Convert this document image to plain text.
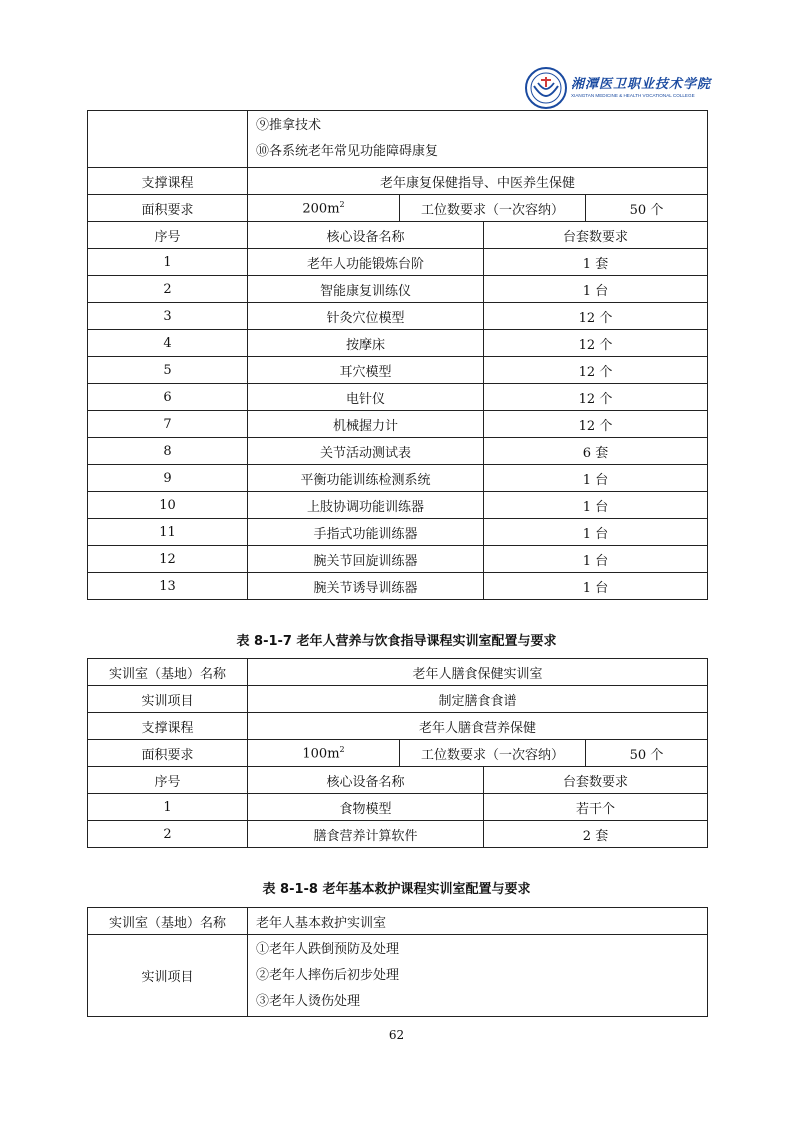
湘潭医卫职业技术学院
XIANGTAN MEDICINE & HEALTH VOCATIONAL COLLEGE

	⑨推拿技术
⑩各系统老年常见功能障碍康复			

支撑课程	老年康复保健指导、中医养生保健			
面积要求	$200m^2$	工位数要求（一次容纳）		50 个
序号	核心设备名称		台套数要求	
1	老年人功能锻炼台阶		1 套	
2	智能康复训练仪		1 台	
3	针灸穴位模型		12 个	
4	按摩床		12 个	
5	耳穴模型		12 个	
6	电针仪		12 个	
7	机械握力计		12 个	
8	关节活动测试表		6 套	
9	平衡功能训练检测系统		1 台	
10	上肢协调功能训练器		1 台	
11	手指式功能训练器		1 台	
12	腕关节回旋训练器		1 台	
13	腕关节诱导训练器		1 台	
表 8-1-7 老年人营养与饮食指导课程实训室配置与要求
实训室（基地）名称	老年人膳食保健实训室			
实训项目	制定膳食食谱			
支撑课程	老年人膳食营养保健			
面积要求	$100m^2$	工位数要求（一次容纳）		50 个
序号	核心设备名称		台套数要求	
1	食物模型		若干个	
2	膳食营养计算软件		2 套	
表 8-1-8 老年基本救护课程实训室配置与要求
实训室（基地）名称	老年人基本救护实训室
实训项目	①老年人跌倒预防及处理
②老年人摔伤后初步处理
③老年人烫伤处理
62
